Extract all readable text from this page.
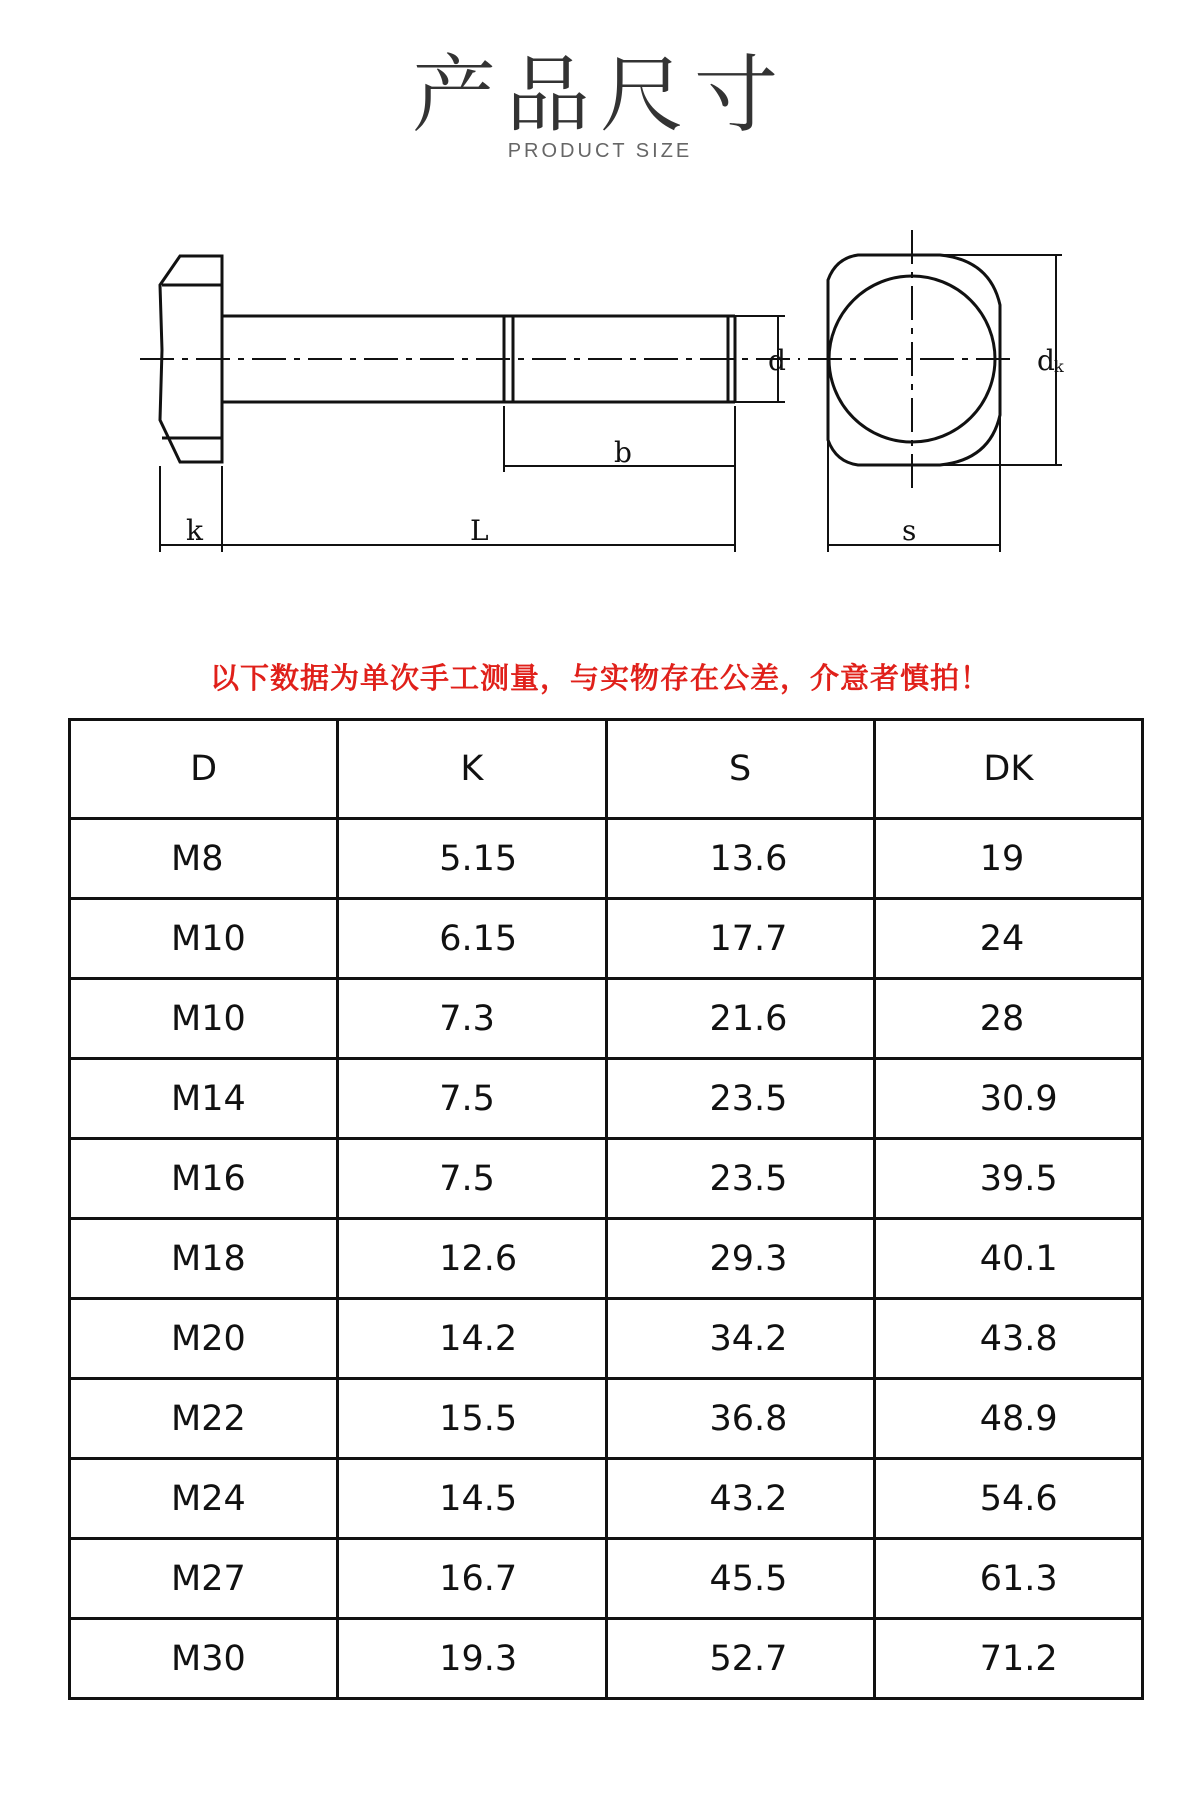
产品尺寸
PRODUCT SIZE
d
b
k	L
d k
s
以下数据为单次手工测量，与实物存在公差，介意者慎拍！
D	K	S	DK
M8	5.15	13.6	19
M10	6.15	17.7	24
M10	7.3	21.6	28
M14	7.5	23.5	30.9
M16	7.5	23.5	39.5
M18	12.6	29.3	40.1
M20	14.2	34.2	43.8
M22	15.5	36.8	48.9
M24	14.5	43.2	54.6
M27	16.7	45.5	61.3
M30	19.3	52.7	71.2
